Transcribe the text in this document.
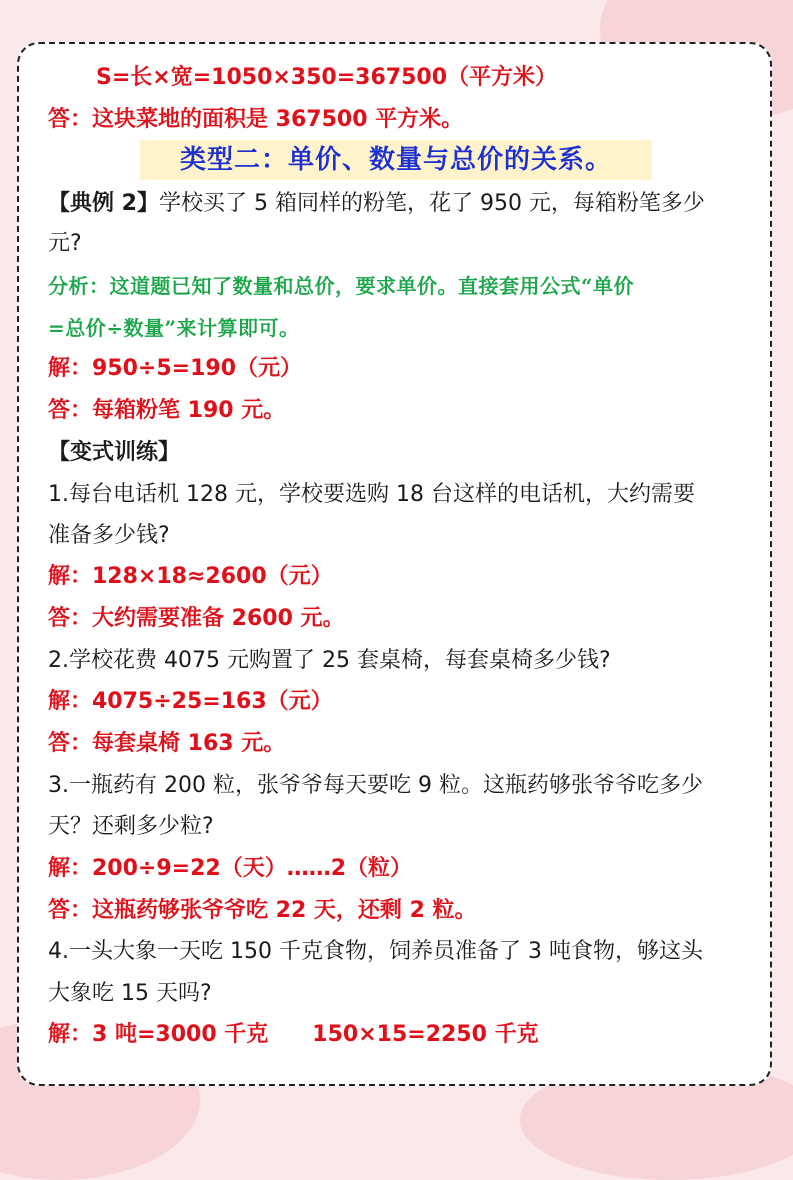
S=长×宽=1050×350=367500（平方米）
答：这块菜地的面积是 367500 平方米。
类型二：单价、数量与总价的关系。
【典例 2】学校买了 5 箱同样的粉笔，花了 950 元，每箱粉笔多少
元?
分析：这道题已知了数量和总价，要求单价。直接套用公式“单价
=总价÷数量”来计算即可。
解：950÷5=190（元）
答：每箱粉笔 190 元。
【变式训练】
1.每台电话机 128 元，学校要选购 18 台这样的电话机，大约需要
准备多少钱?
解：128×18≈2600（元）
答：大约需要准备 2600 元。
2.学校花费 4075 元购置了 25 套桌椅，每套桌椅多少钱?
解：4075÷25=163（元）
答：每套桌椅 163 元。
3.一瓶药有 200 粒，张爷爷每天要吃 9 粒。这瓶药够张爷爷吃多少
天？还剩多少粒?
解：200÷9=22（天）……2（粒）
答：这瓶药够张爷爷吃 22 天，还剩 2 粒。
4.一头大象一天吃 150 千克食物，饲养员准备了 3 吨食物，够这头
大象吃 15 天吗?
解：3 吨=3000 千克　　150×15=2250 千克
